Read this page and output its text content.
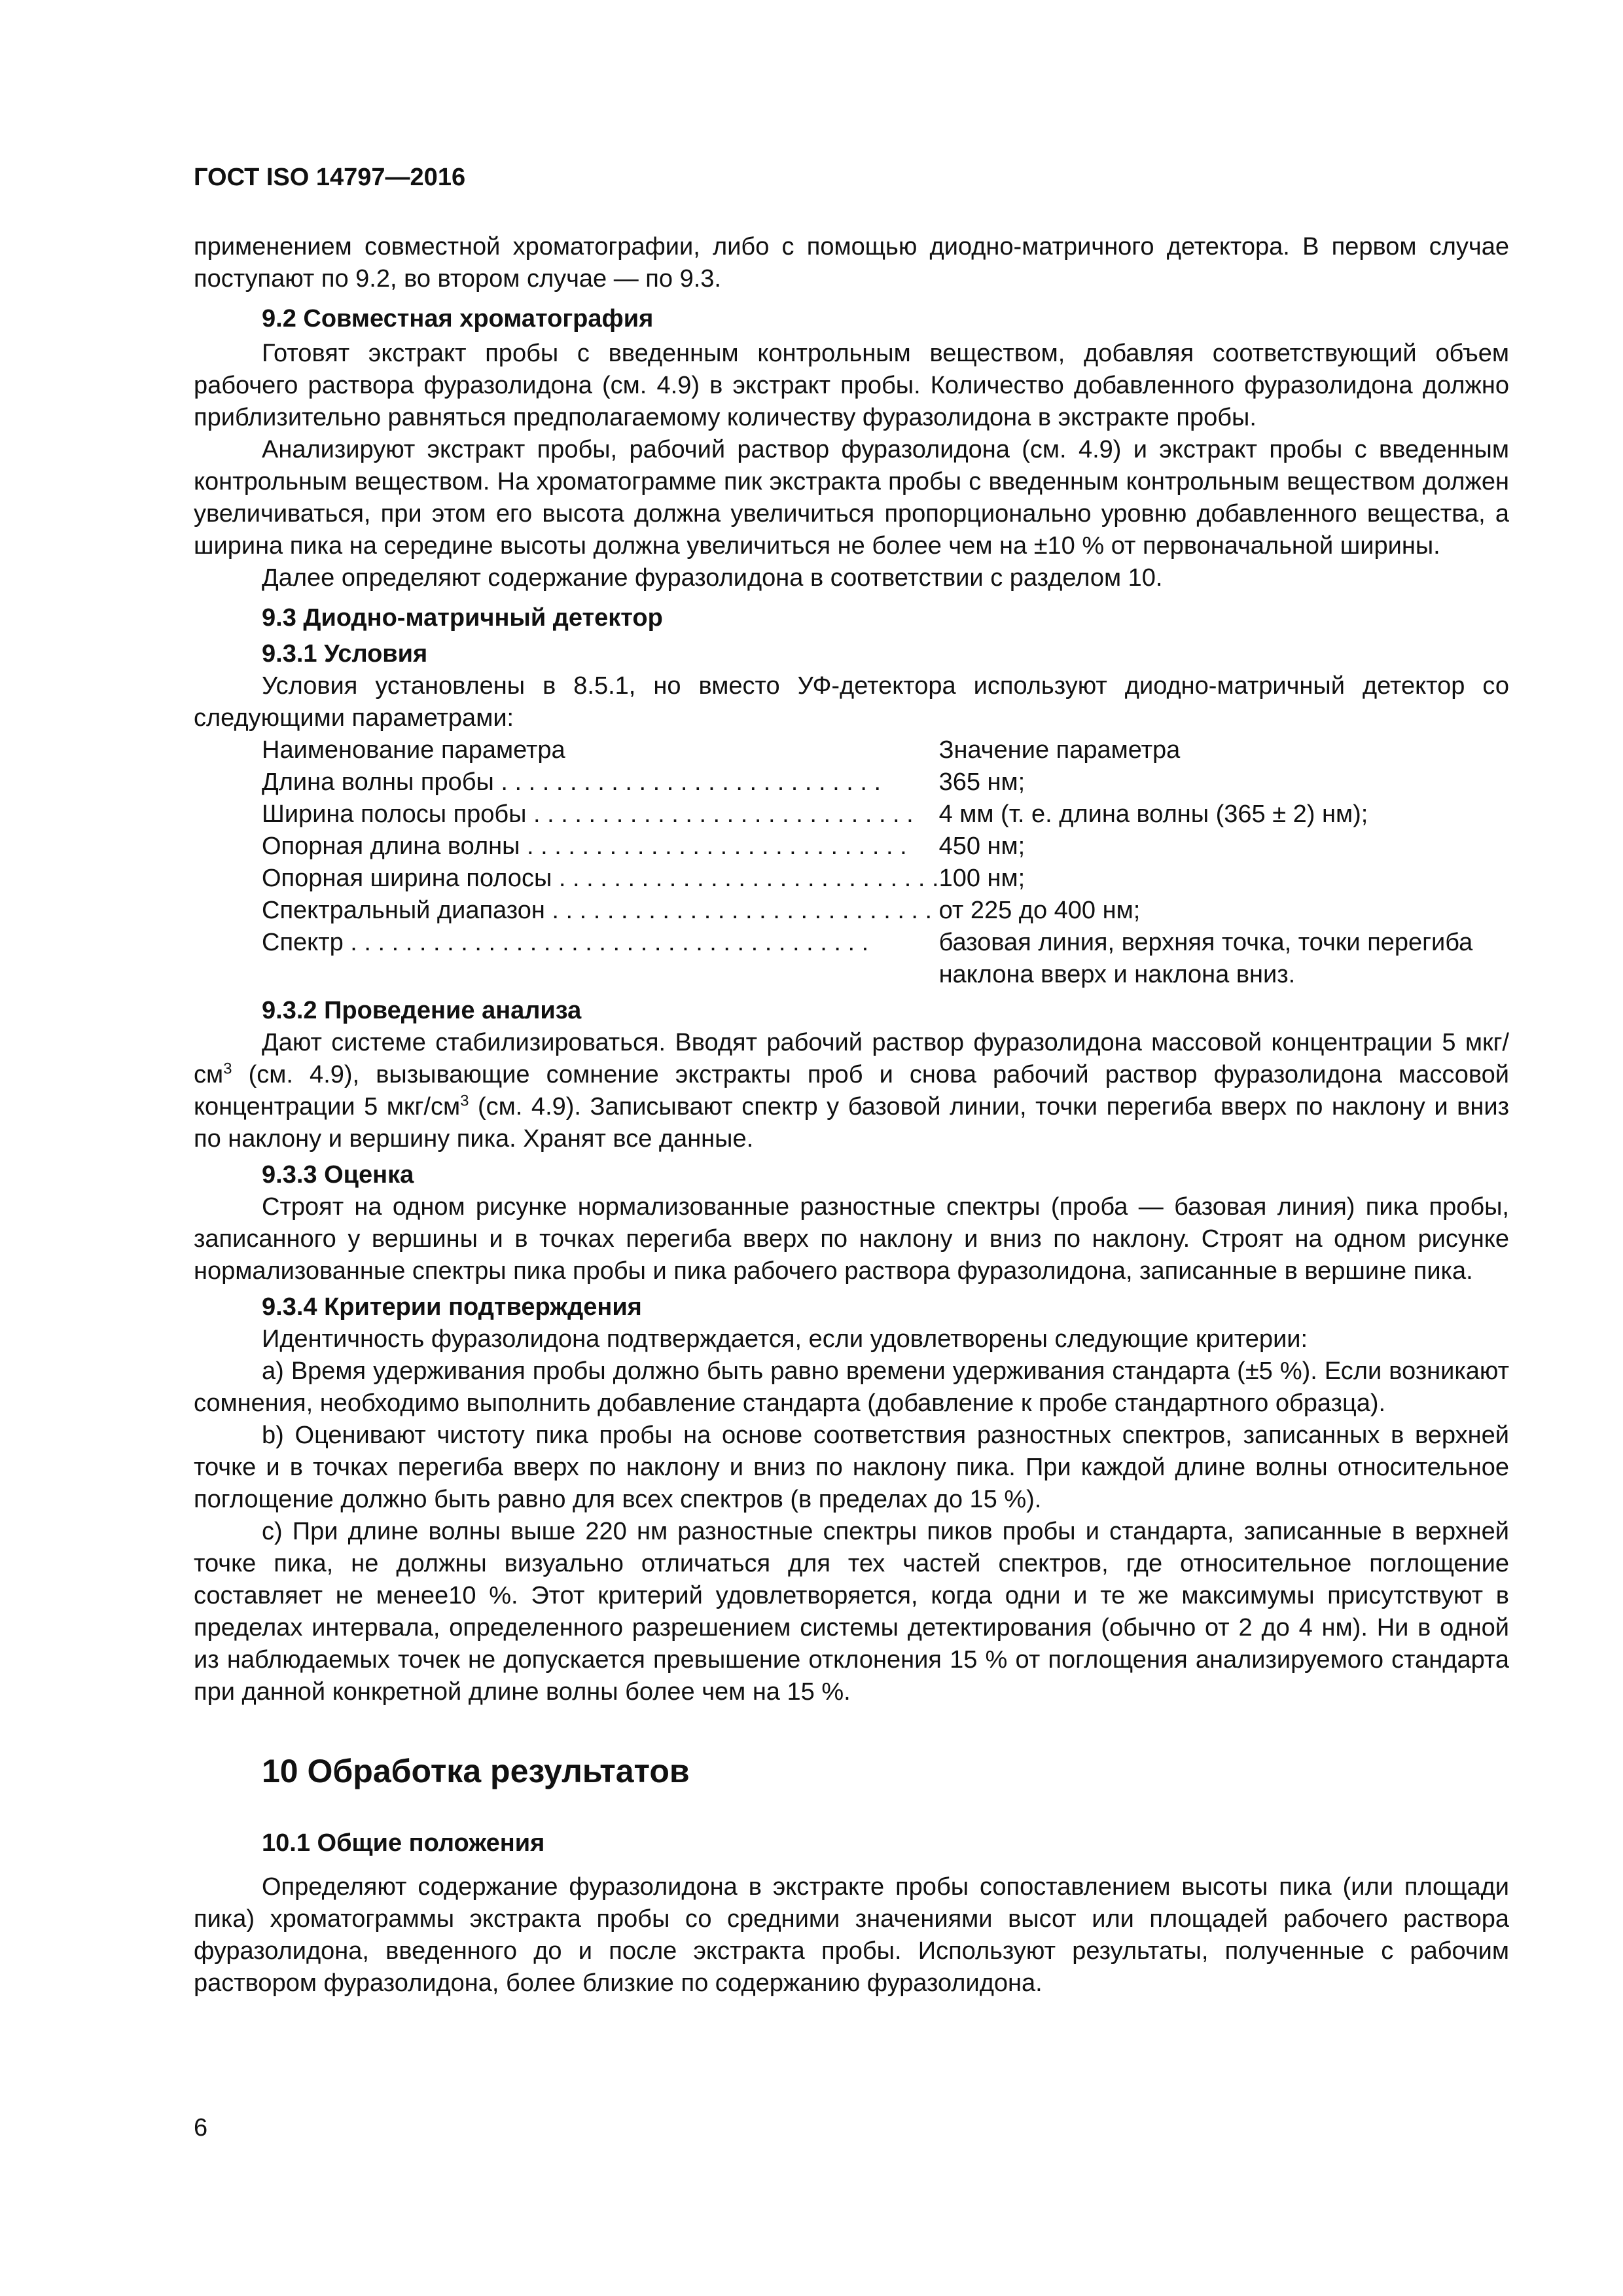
ГОСТ ISO 14797—2016

применением совместной хроматографии, либо с помощью диодно-матричного детектора. В первом случае поступают по 9.2, во втором случае — по 9.3.

9.2 Совместная хроматография

Готовят экстракт пробы с введенным контрольным веществом, добавляя соответствующий объем рабочего раствора фуразолидона (см. 4.9) в экстракт пробы. Количество добавленного фуразолидона должно приблизительно равняться предполагаемому количеству фуразолидона в экстракте пробы.

Анализируют экстракт пробы, рабочий раствор фуразолидона (см. 4.9) и экстракт пробы с введенным контрольным веществом. На хроматограмме пик экстракта пробы с введенным контрольным веществом должен увеличиваться, при этом его высота должна увеличиться пропорционально уровню добавленного вещества, а ширина пика на середине высоты должна увеличиться не более чем на ±10 % от первоначальной ширины.

Далее определяют содержание фуразолидона в соответствии с разделом 10.

9.3 Диодно-матричный детектор
9.3.1 Условия

Условия установлены в 8.5.1, но вместо УФ-детектора используют диодно-матричный детектор со следующими параметрами:

Наименование параметра	Значение параметра
Длина волны пробы . . . . . . . . . . . . . . . . . . . . . . . . . . . .	365 нм;
Ширина полосы пробы . . . . . . . . . . . . . . . . . . . . . . . . . . . .	4 мм (т. е. длина волны (365 ± 2) нм);
Опорная длина волны . . . . . . . . . . . . . . . . . . . . . . . . . . . .	450 нм;
Опорная ширина полосы . . . . . . . . . . . . . . . . . . . . . . . . . . . .	100 нм;
Спектральный диапазон . . . . . . . . . . . . . . . . . . . . . . . . . . . .	от 225 до 400 нм;
Спектр . . . . . . . . . . . . . . . . . . . . . . . . . . . . . . . . . . . . . .	базовая линия, верхняя точка, точки перегиба
	наклона вверх и наклона вниз.
9.3.2 Проведение анализа

Дают системе стабилизироваться. Вводят рабочий раствор фуразолидона массовой концентрации 5 мкг/$см^3$ (см. 4.9), вызывающие сомнение экстракты проб и снова рабочий раствор фуразолидона массовой концентрации 5 мкг/$см^3$ (см. 4.9). Записывают спектр у базовой линии, точки перегиба вверх по наклону и вниз по наклону и вершину пика. Хранят все данные.

9.3.3 Оценка

Строят на одном рисунке нормализованные разностные спектры (проба — базовая линия) пика пробы, записанного у вершины и в точках перегиба вверх по наклону и вниз по наклону. Строят на одном рисунке нормализованные спектры пика пробы и пика рабочего раствора фуразолидона, записанные в вершине пика.

9.3.4 Критерии подтверждения

Идентичность фуразолидона подтверждается, если удовлетворены следующие критерии:

a) Время удерживания пробы должно быть равно времени удерживания стандарта (±5 %). Если возникают сомнения, необходимо выполнить добавление стандарта (добавление к пробе стандартного образца).

b) Оценивают чистоту пика пробы на основе соответствия разностных спектров, записанных в верхней точке и в точках перегиба вверх по наклону и вниз по наклону пика. При каждой длине волны относительное поглощение должно быть равно для всех спектров (в пределах до 15 %).

c) При длине волны выше 220 нм разностные спектры пиков пробы и стандарта, записанные в верхней точке пика, не должны визуально отличаться для тех частей спектров, где относительное поглощение составляет не менее10 %. Этот критерий удовлетворяется, когда одни и те же максимумы присутствуют в пределах интервала, определенного разрешением системы детектирования (обычно от 2 до 4 нм). Ни в одной из наблюдаемых точек не допускается превышение отклонения 15 % от поглощения анализируемого стандарта при данной конкретной длине волны более чем на 15 %.

10 Обработка результатов
10.1 Общие положения

Определяют содержание фуразолидона в экстракте пробы сопоставлением высоты пика (или площади пика) хроматограммы экстракта пробы со средними значениями высот или площадей рабочего раствора фуразолидона, введенного до и после экстракта пробы. Используют результаты, полученные с рабочим раствором фуразолидона, более близкие по содержанию фуразолидона.

6
